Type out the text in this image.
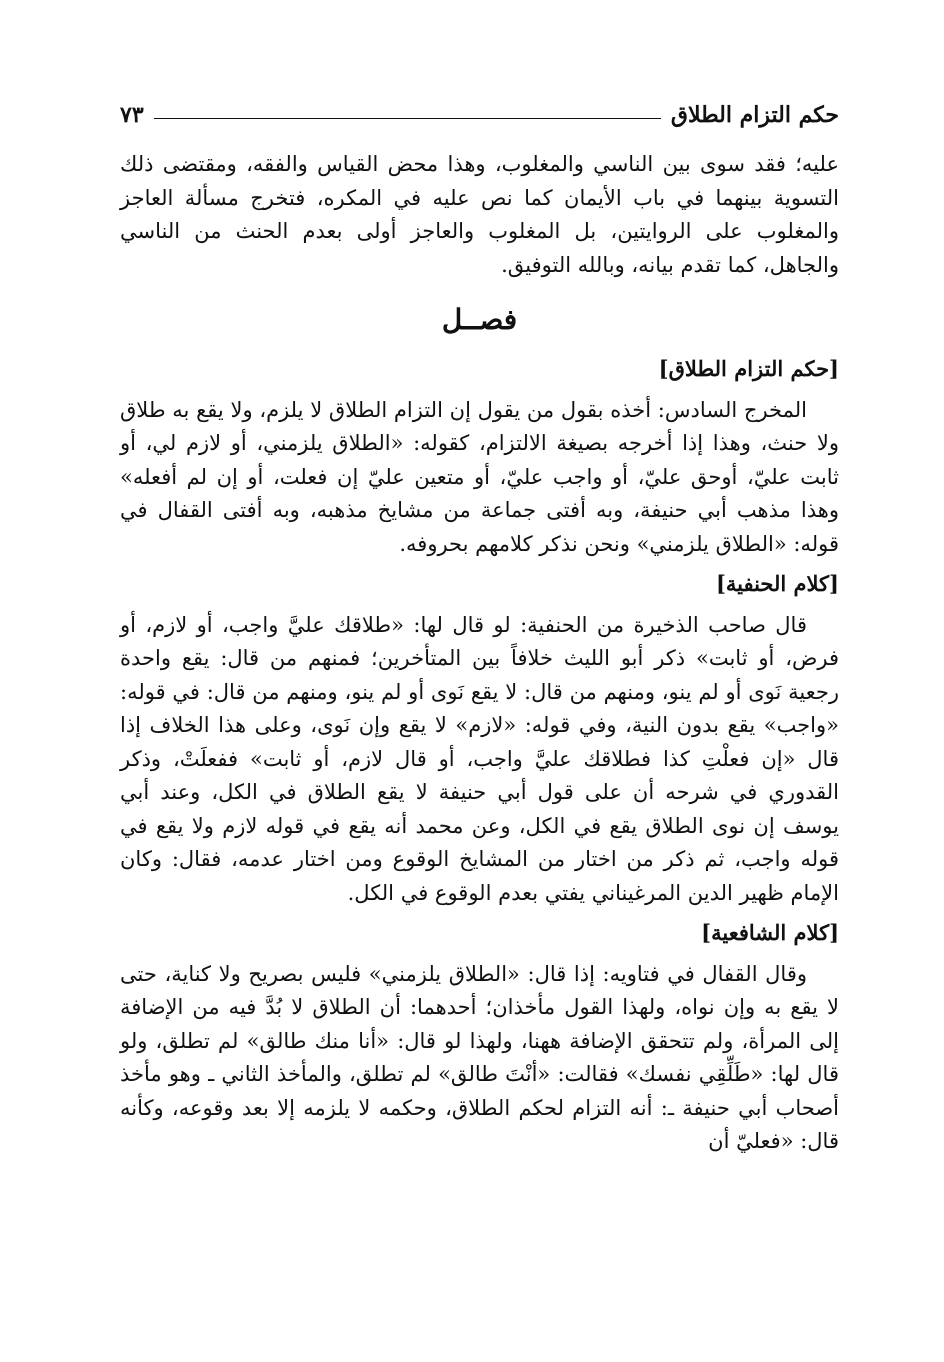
حكم التزام الطلاق
٧٣

عليه؛ فقد سوى بين الناسي والمغلوب، وهذا محض القياس والفقه، ومقتضى ذلك التسوية بينهما في باب الأيمان كما نص عليه في المكره، فتخرج مسألة العاجز والمغلوب على الروايتين، بل المغلوب والعاجز أولى بعدم الحنث من الناسي والجاهل، كما تقدم بيانه، وبالله التوفيق.

فصــل
[حكم التزام الطلاق]

المخرج السادس: أخذه بقول من يقول إن التزام الطلاق لا يلزم، ولا يقع به طلاق ولا حنث، وهذا إذا أخرجه بصيغة الالتزام، كقوله: «الطلاق يلزمني، أو لازم لي، أو ثابت عليّ، أوحق عليّ، أو واجب عليّ، أو متعين عليّ إن فعلت، أو إن لم أفعله» وهذا مذهب أبي حنيفة، وبه أفتى جماعة من مشايخ مذهبه، وبه أفتى القفال في قوله: «الطلاق يلزمني» ونحن نذكر كلامهم بحروفه.

[كلام الحنفية]

قال صاحب الذخيرة من الحنفية: لو قال لها: «طلاقك عليَّ واجب، أو لازم، أو فرض، أو ثابت» ذكر أبو الليث خلافاً بين المتأخرين؛ فمنهم من قال: يقع واحدة رجعية نَوى أو لم ينو، ومنهم من قال: لا يقع نَوى أو لم ينو، ومنهم من قال: في قوله: «واجب» يقع بدون النية، وفي قوله: «لازم» لا يقع وإن نَوى، وعلى هذا الخلاف إذا قال «إن فعلْتِ كذا فطلاقك عليَّ واجب، أو قال لازم، أو ثابت» ففعلَتْ، وذكر القدوري في شرحه أن على قول أبي حنيفة لا يقع الطلاق في الكل، وعند أبي يوسف إن نوى الطلاق يقع في الكل، وعن محمد أنه يقع في قوله لازم ولا يقع في قوله واجب، ثم ذكر من اختار من المشايخ الوقوع ومن اختار عدمه، فقال: وكان الإمام ظهير الدين المرغيناني يفتي بعدم الوقوع في الكل.

[كلام الشافعية]

وقال القفال في فتاويه: إذا قال: «الطلاق يلزمني» فليس بصريح ولا كناية، حتى لا يقع به وإن نواه، ولهذا القول مأخذان؛ أحدهما: أن الطلاق لا بُدَّ فيه من الإضافة إلى المرأة، ولم تتحقق الإضافة ههنا، ولهذا لو قال: «أنا منك طالق» لم تطلق، ولو قال لها: «طَلِّقِي نفسك» فقالت: «أنْتَ طالق» لم تطلق، والمأخذ الثاني ـ وهو مأخذ أصحاب أبي حنيفة ـ: أنه التزام لحكم الطلاق، وحكمه لا يلزمه إلا بعد وقوعه، وكأنه قال: «فعليّ أن
